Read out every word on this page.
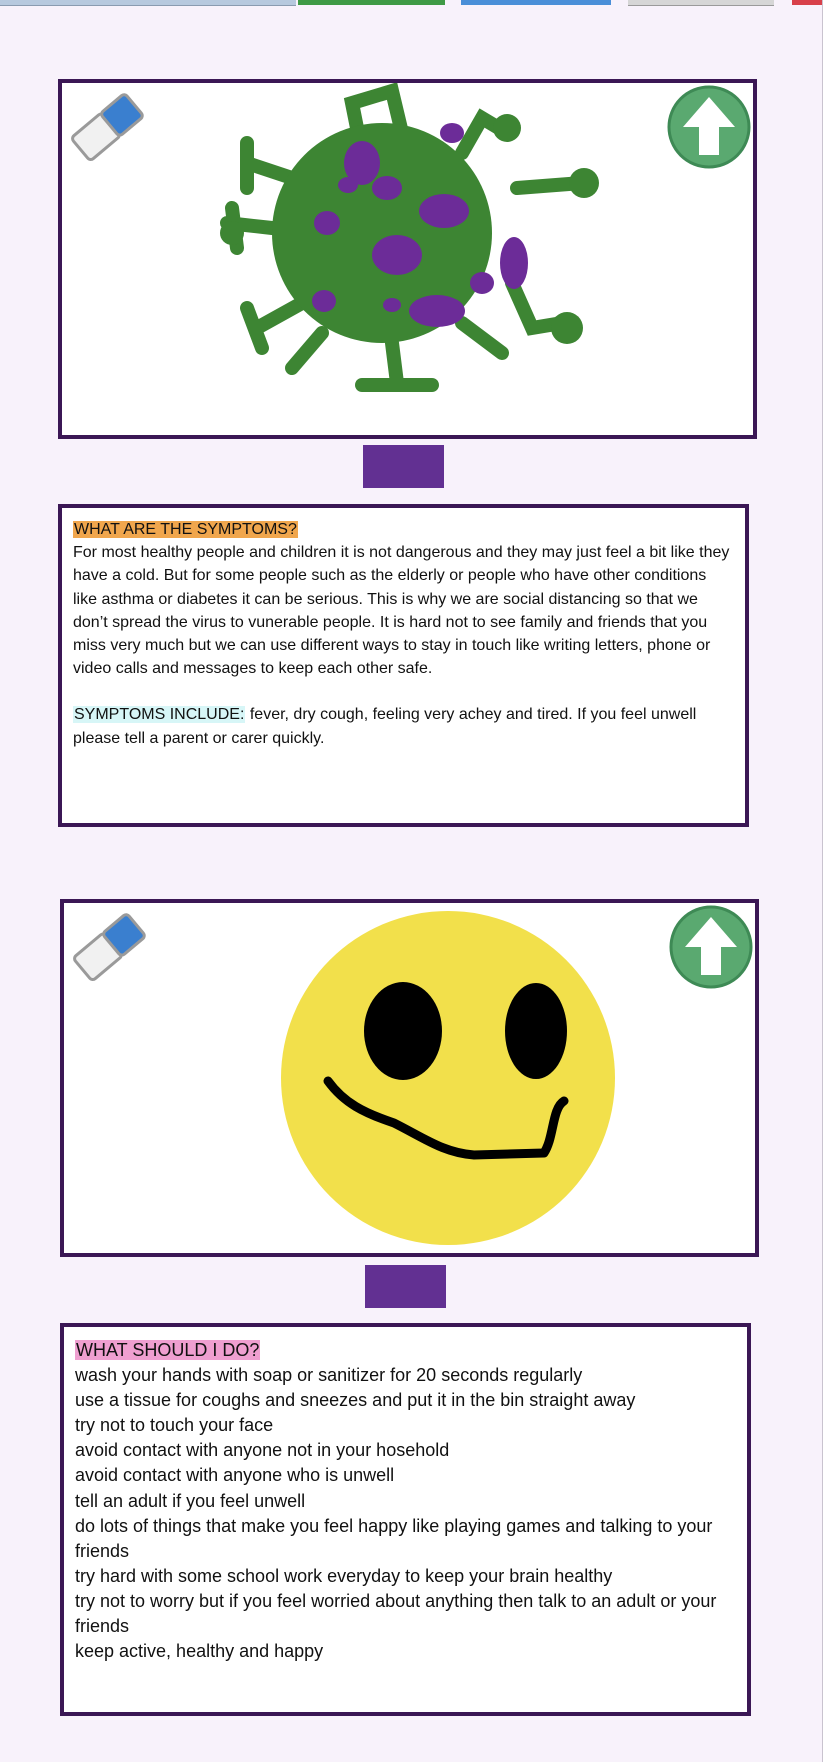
WHAT ARE THE SYMPTOMS?
For most healthy people and children it is not dangerous and they may just feel a bit like they have a cold. But for some people such as the elderly or people who have other conditions like asthma or diabetes it can be serious. This is why we are social distancing so that we don’t spread the virus to vunerable people. It is hard not to see family and friends that you miss very much but we can use different ways to stay in touch like writing letters, phone or video calls and messages to keep each other safe.
SYMPTOMS INCLUDE: fever, dry cough, feeling very achey and tired. If you feel unwell please tell a parent or carer quickly.
WHAT SHOULD I DO?
wash your hands with soap or sanitizer for 20 seconds regularly
use a tissue for coughs and sneezes and put it in the bin straight away
try not to touch your face
avoid contact with anyone not in your hosehold
avoid contact with anyone who is unwell
tell an adult if you feel unwell
do lots of things that make you feel happy like playing games and talking to your friends
try hard with some school work everyday to keep your brain healthy
try not to worry but if you feel worried about anything then talk to an adult or your friends
keep active, healthy and happy
